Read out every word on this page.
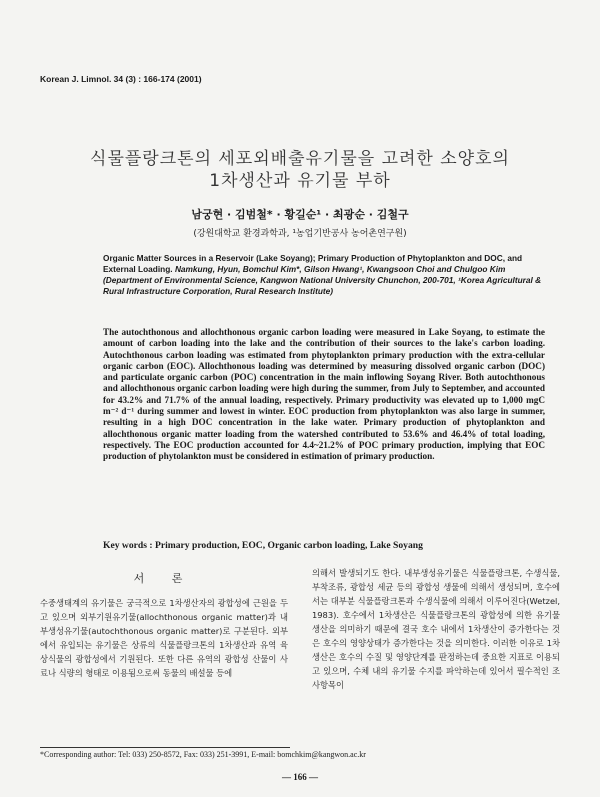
Korean J. Limnol. 34 (3) : 166-174 (2001)
식물플랑크톤의 세포외배출유기물을 고려한 소양호의
1차생산과 유기물 부하
남궁현 · 김범철* · 황길순¹ · 최광순 · 김철구
(강원대학교 환경과학과, ¹농업기반공사 농어촌연구원)
Organic Matter Sources in a Reservoir (Lake Soyang); Primary Production of Phytoplankton and DOC, and External Loading. Namkung, Hyun, Bomchul Kim*, Gilson Hwang¹, Kwangsoon Choi and Chulgoo Kim (Department of Environmental Science, Kangwon National University Chunchon, 200-701, ¹Korea Agricultural & Rural Infrastructure Corporation, Rural Research Institute)
The autochthonous and allochthonous organic carbon loading were measured in Lake Soyang, to estimate the amount of carbon loading into the lake and the contribution of their sources to the lake's carbon loading. Autochthonous carbon loading was estimated from phytoplankton primary production with the extra-cellular organic carbon (EOC). Allochthonous loading was determined by measuring dissolved organic carbon (DOC) and particulate organic carbon (POC) concentration in the main inflowing Soyang River. Both autochthonous and allochthonous organic carbon loading were high during the summer, from July to September, and accounted for 43.2% and 71.7% of the annual loading, respectively. Primary productivity was elevated up to 1,000 mgC m⁻² d⁻¹ during summer and lowest in winter. EOC production from phytoplankton was also large in summer, resulting in a high DOC concentration in the lake water. Primary production of phytoplankton and allochthonous organic matter loading from the watershed contributed to 53.6% and 46.4% of total loading, respectively. The EOC production accounted for 4.4~21.2% of POC primary production, implying that EOC production of phytolankton must be considered in estimation of primary production.
Key words : Primary production, EOC, Organic carbon loading, Lake Soyang
서 론

수중생태계의 유기물은 궁극적으로 1차생산자의 광합성에 근원을 두고 있으며 외부기원유기물(allochthonous organic matter)과 내부생성유기물(autochthonous organic matter)로 구분된다. 외부에서 유입되는 유기물은 상류의 식물플랑크톤의 1차생산과 유역 육상식물의 광합성에서 기원된다. 또한 다른 유역의 광합성 산물이 사료나 식량의 형태로 이용됨으로써 동물의 배설물 등에

의해서 발생되기도 한다. 내부생성유기물은 식물플랑크톤, 수생식물, 부착조류, 광합성 세균 등의 광합성 생물에 의해서 생성되며, 호수에서는 대부분 식물플랑크톤과 수생식물에 의해서 이루어진다(Wetzel, 1983). 호수에서 1차생산은 식물플랑크톤의 광합성에 의한 유기물 생산을 의미하기 때문에 결국 호수 내에서 1차생산이 증가한다는 것은 호수의 영양상태가 증가한다는 것을 의미한다. 이러한 이유로 1차생산은 호수의 수질 및 영양단계를 판정하는데 중요한 지표로 이용되고 있으며, 수체 내의 유기물 수지를 파악하는데 있어서 필수적인 조사항목이

*Corresponding author: Tel: 033) 250-8572, Fax: 033) 251-3991, E-mail: bomchkim@kangwon.ac.kr
— 166 —
